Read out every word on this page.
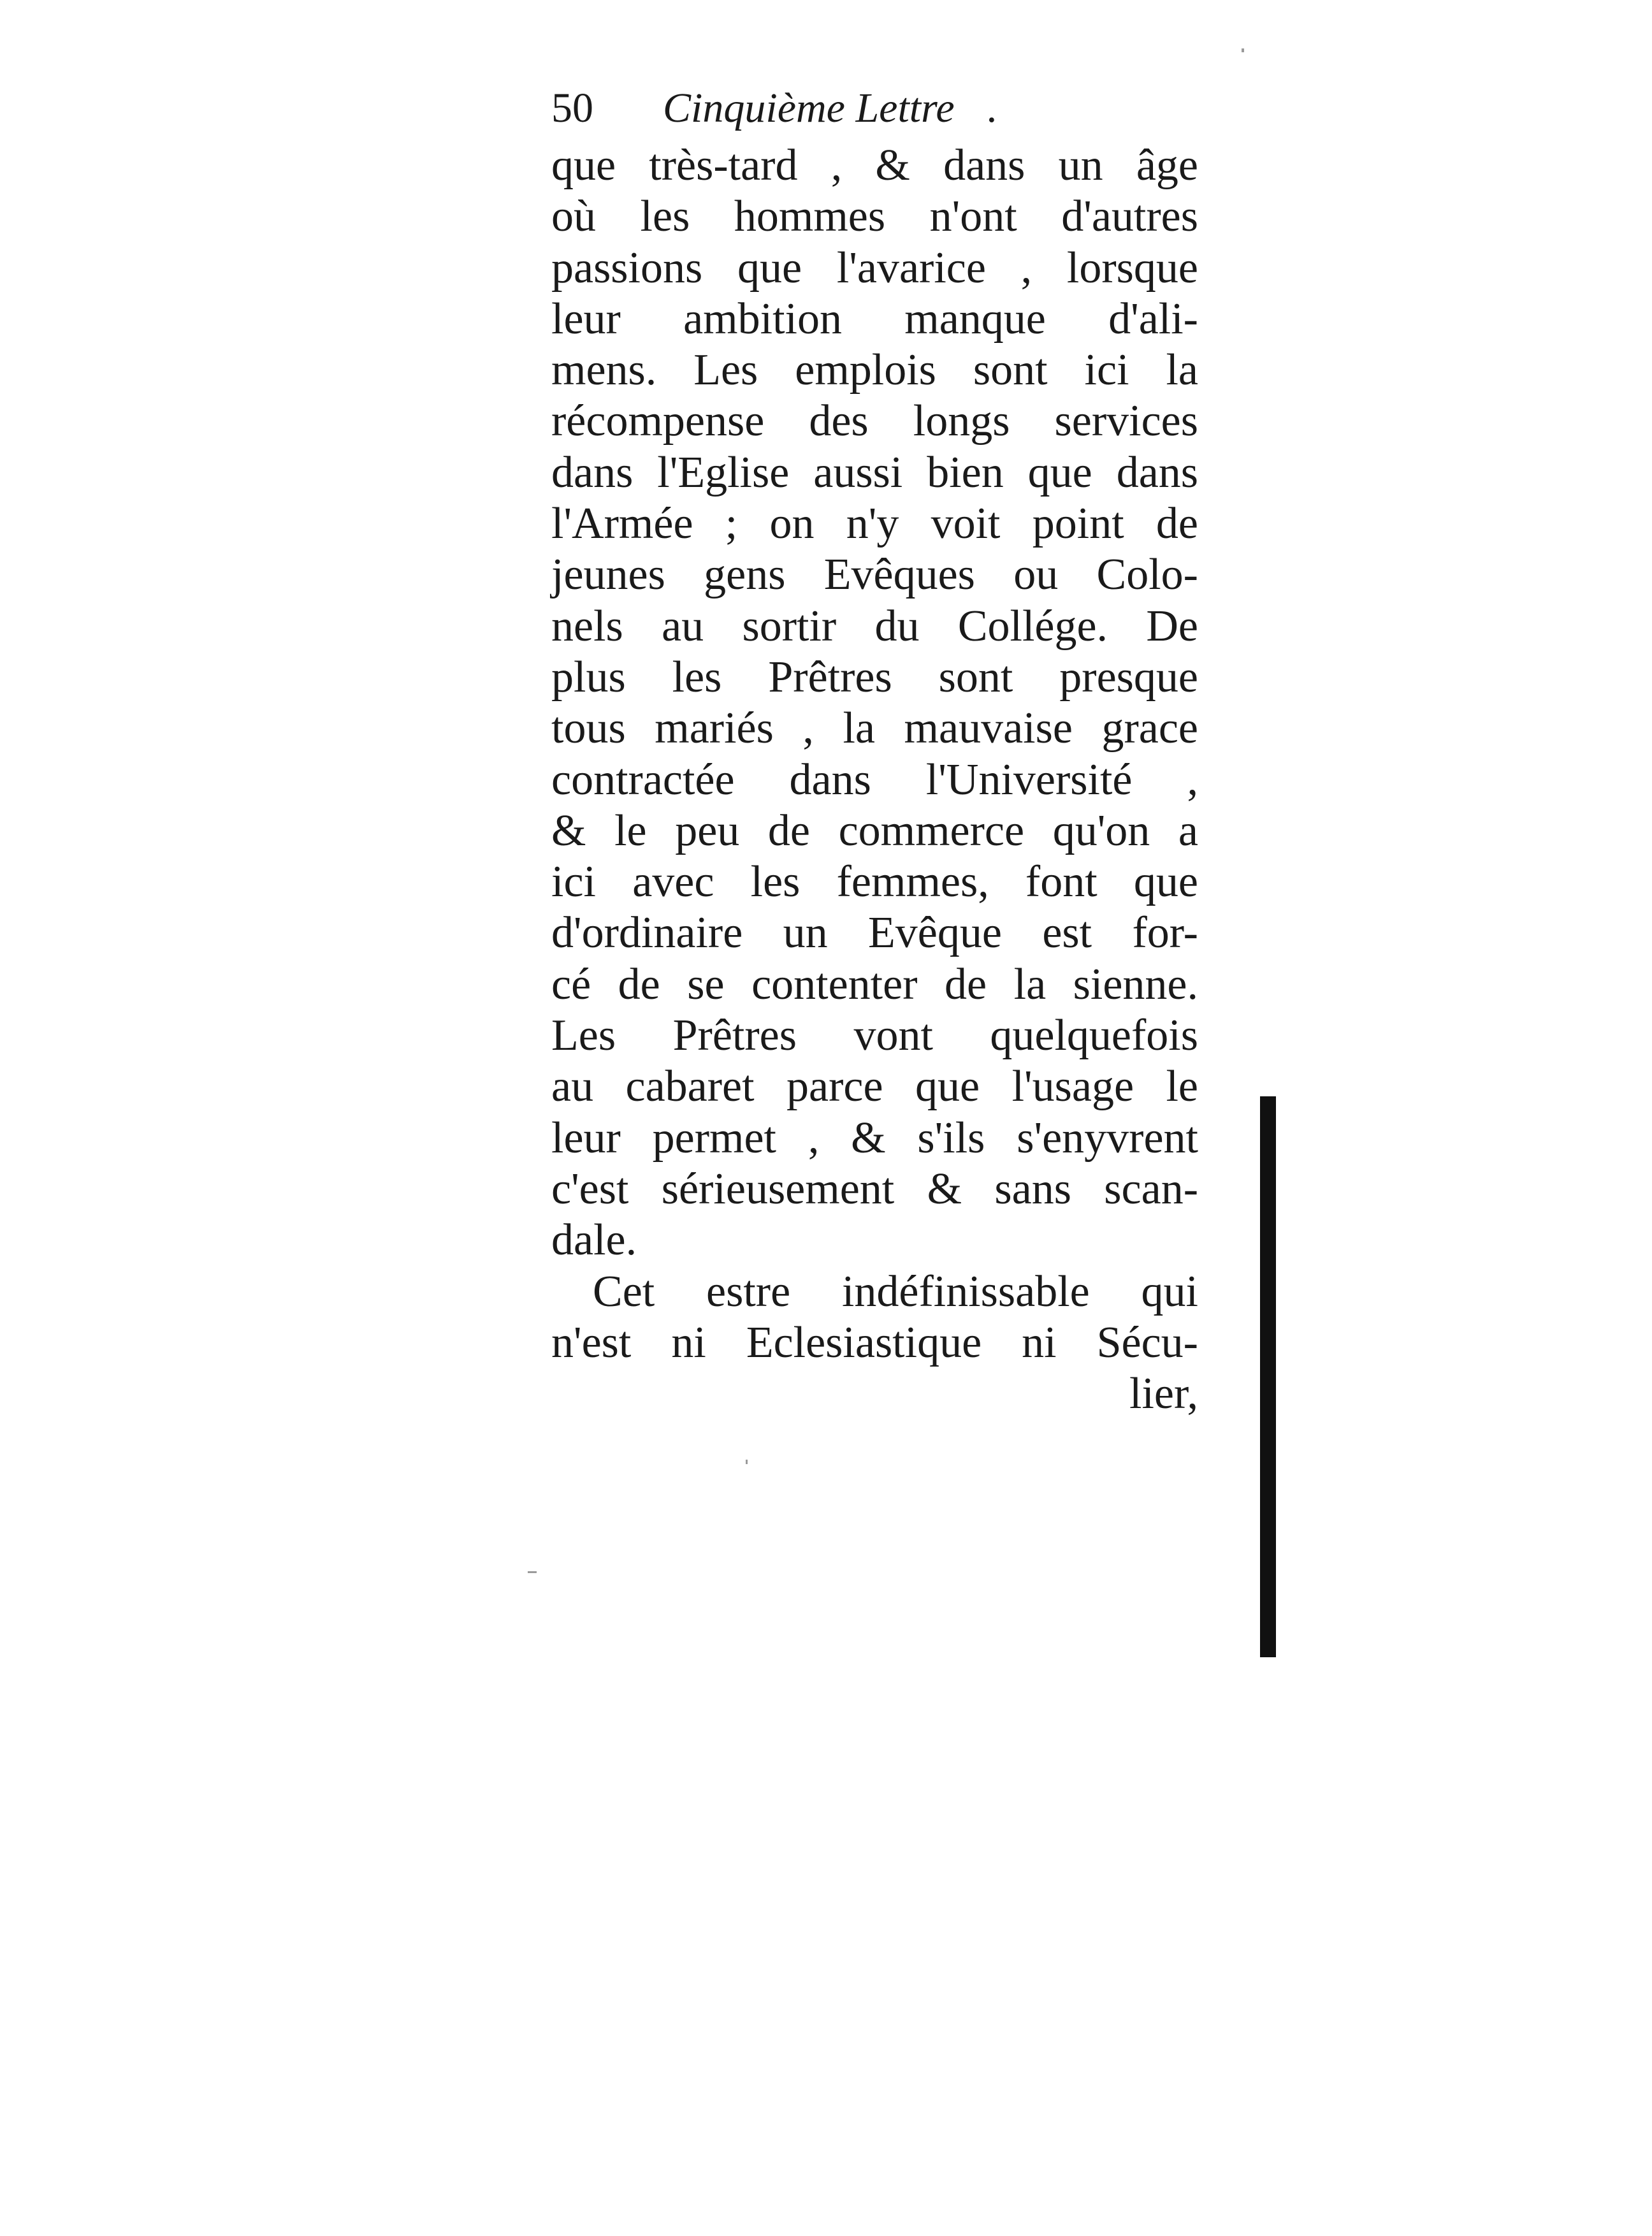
50 Cinquième Lettre .
que très-tard , & dans un âge
où les hommes n'ont d'autres
passions que l'avarice , lorsque
leur ambition manque d'ali-
mens. Les emplois sont ici la
récompense des longs services
dans l'Eglise aussi bien que dans
l'Armée ; on n'y voit point de
jeunes gens Evêques ou Colo-
nels au sortir du Collége. De
plus les Prêtres sont presque
tous mariés , la mauvaise grace
contractée dans l'Université ,
& le peu de commerce qu'on a
ici avec les femmes, font que
d'ordinaire un Evêque est for-
cé de se contenter de la sienne.
Les Prêtres vont quelquefois
au cabaret parce que l'usage le
leur permet , & s'ils s'enyvrent
c'est sérieusement & sans scan-
dale.
Cet estre indéfinissable qui
n'est ni Eclesiastique ni Sécu-
lier,
